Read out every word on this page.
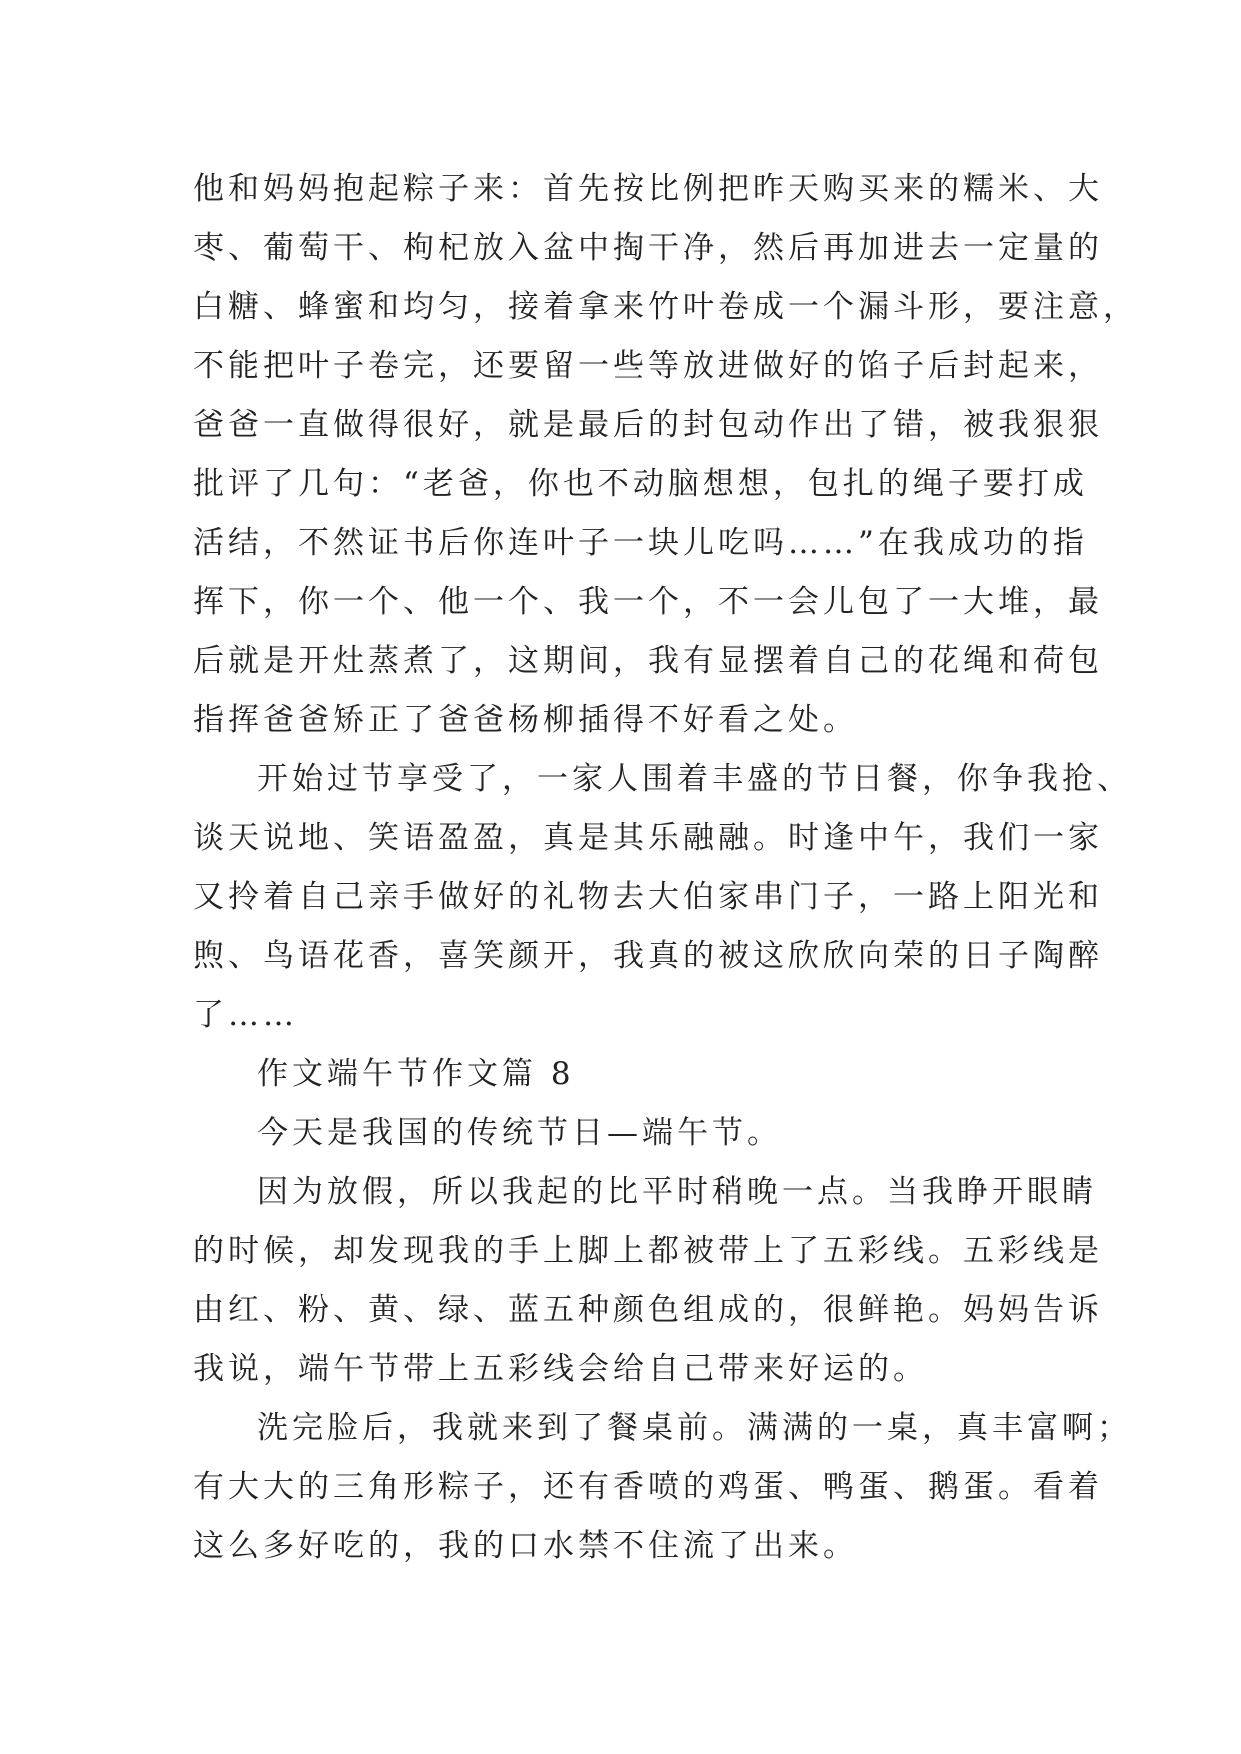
他和妈妈抱起粽子来：首先按比例把昨天购买来的糯米、大
枣、葡萄干、枸杞放入盆中掏干净，然后再加进去一定量的
白糖、蜂蜜和均匀，接着拿来竹叶卷成一个漏斗形，要注意，
不能把叶子卷完，还要留一些等放进做好的馅子后封起来，
爸爸一直做得很好，就是最后的封包动作出了错，被我狠狠
批评了几句：“老爸，你也不动脑想想，包扎的绳子要打成
活结，不然证书后你连叶子一块儿吃吗……”在我成功的指
挥下，你一个、他一个、我一个，不一会儿包了一大堆，最
后就是开灶蒸煮了，这期间，我有显摆着自己的花绳和荷包
指挥爸爸矫正了爸爸杨柳插得不好看之处。
开始过节享受了，一家人围着丰盛的节日餐，你争我抢、
谈天说地、笑语盈盈，真是其乐融融。时逢中午，我们一家
又拎着自己亲手做好的礼物去大伯家串门子，一路上阳光和
煦、鸟语花香，喜笑颜开，我真的被这欣欣向荣的日子陶醉
了……
作文端午节作文篇 8
今天是我国的传统节日—端午节。
因为放假，所以我起的比平时稍晚一点。当我睁开眼睛
的时候，却发现我的手上脚上都被带上了五彩线。五彩线是
由红、粉、黄、绿、蓝五种颜色组成的，很鲜艳。妈妈告诉
我说，端午节带上五彩线会给自己带来好运的。
洗完脸后，我就来到了餐桌前。满满的一桌，真丰富啊；
有大大的三角形粽子，还有香喷的鸡蛋、鸭蛋、鹅蛋。看着
这么多好吃的，我的口水禁不住流了出来。
